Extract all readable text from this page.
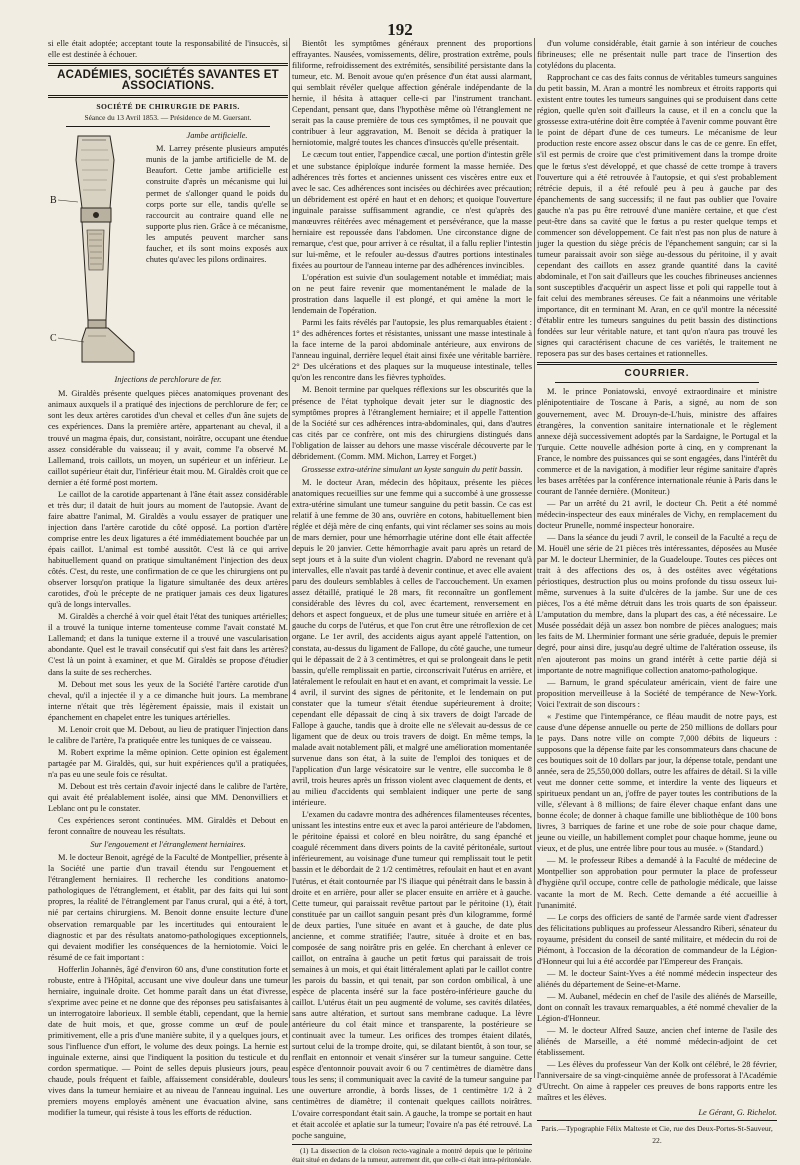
192

si elle était adoptée; acceptant toute la responsabilité de l'insuccès, si elle est destinée à échouer.

ACADÉMIES, SOCIÉTÉS SAVANTES ET ASSOCIATIONS.
SOCIÉTÉ DE CHIRURGIE DE PARIS.
Séance du 13 Avril 1853. — Présidence de M. Guersant.
B
C
Jambe artificielle.

M. Larrey présente plusieurs amputés munis de la jambe artificielle de M. de Beaufort. Cette jambe artificielle est construite d'après un mécanisme qui lui permet de s'allonger quand le poids du corps porte sur elle, tandis qu'elle se raccourcit au contraire quand elle ne supporte plus rien. Grâce à ce mécanisme, les amputés peuvent marcher sans faucher, et ils sont moins exposés aux chutes qu'avec les pilons ordinaires.

Injections de perchlorure de fer.

M. Giraldès présente quelques pièces anatomiques provenant des animaux auxquels il a pratiqué des injections de perchlorure de fer; ce sont les deux artères carotides d'un cheval et celles d'un âne sujets de ces expériences. Dans la première artère, appartenant au cheval, il a trouvé un magma épais, dur, consistant, noirâtre, occupant une étendue assez considérable du vaisseau; il y avait, comme l'a observé M. Lallemand, trois caillots, un moyen, un supérieur et un inférieur. Le caillot supérieur était dur, l'inférieur était mou. M. Giraldès croit que ce dernier a été formé post mortem.

Le caillot de la carotide appartenant à l'âne était assez considérable et très dur; il datait de huit jours au moment de l'autopsie. Avant de faire abattre l'animal, M. Giraldès a voulu essayer de pratiquer une injection dans l'artère carotide du côté opposé. La portion d'artère comprise entre les deux ligatures a été immédiatement bouchée par un épais caillot. L'animal est tombé aussitôt. C'est là ce qui arrive habituellement quand on pratique simultanément l'injection des deux côtés. C'est, du reste, une confirmation de ce que les chirurgiens ont pu observer lorsqu'on pratique la ligature simultanée des deux artères carotides, d'où le précepte de ne pratiquer jamais ces deux ligatures qu'à de longs intervalles.

M. Giraldès a cherché à voir quel était l'état des tuniques artérielles; il a trouvé la tunique interne tomenteuse comme l'avait constaté M. Lallemand; et dans la tunique externe il a trouvé une vascularisation abondante. Quel est le travail consécutif qui s'est fait dans les artères? C'est là un point à examiner, et que M. Giraldès se propose d'étudier dans la suite de ses recherches.

M. Debout met sous les yeux de la Société l'artère carotide d'un cheval, qu'il a injectée il y a ce dimanche huit jours. La membrane interne n'était que très légèrement épaissie, mais il existait un épanchement en chapelet entre les tuniques artérielles.

M. Lenoir croit que M. Debout, au lieu de pratiquer l'injection dans le calibre de l'artère, l'a pratiquée entre les tuniques de ce vaisseau.

M. Robert exprime la même opinion. Cette opinion est également partagée par M. Giraldès, qui, sur huit expériences qu'il a pratiquées, n'a pas eu une seule fois ce résultat.

M. Debout est très certain d'avoir injecté dans le calibre de l'artère, qui avait été préalablement isolée, ainsi que MM. Denonvilliers et Leblanc ont pu le constater.

Ces expériences seront continuées. MM. Giraldès et Debout en feront connaître de nouveau les résultats.

Sur l'engouement et l'étranglement herniaires.

M. le docteur Benoit, agrégé de la Faculté de Montpellier, présente à la Société une partie d'un travail étendu sur l'engouement et l'étranglement herniaires. Il recherche les conditions anatomo-pathologiques de l'étranglement, et établit, par des faits qui lui sont propres, la réalité de l'étranglement par l'anus crural, qui a été, à tort, nié par certains chirurgiens. M. Benoit donne ensuite lecture d'une observation remarquable par les incertitudes qui entouraient le diagnostic et par des résultats anatomo-pathologiques exceptionnels, qui devaient modifier les conséquences de la herniotomie. Voici le résumé de ce fait important :

Hofferlin Johannès, âgé d'environ 60 ans, d'une constitution forte et robuste, entre à l'Hôpital, accusant une vive douleur dans une tumeur herniaire, inguinale droite. Cet homme paraît dans un état d'ivresse, s'exprime avec peine et ne donne que des réponses peu satisfaisantes à un interrogatoire laborieux. Il semble établi, cependant, que la hernie date de huit mois, et que, grosse comme un œuf de poule primitivement, elle a pris d'une manière subite, il y a quelques jours, et sous l'influence d'un effort, le volume des deux poings. La hernie est inguinale externe, ainsi que l'indiquent la position du testicule et du cordon spermatique. — Point de selles depuis plusieurs jours, peau chaude, pouls fréquent et faible, affaissement considérable, douleurs vives dans la tumeur herniaire et au niveau de l'anneau inguinal. Les premiers moyens employés amènent une évacuation alvine, sans modifier la tumeur, qui résiste à tous les efforts de réduction.

Bientôt les symptômes généraux prennent des proportions effrayantes. Nausées, vomissements, délire, prostration extrême, pouls filiforme, refroidissement des extrémités, sensibilité persistante dans la tumeur, etc. M. Benoit avoue qu'en présence d'un état aussi alarmant, qui semblait révéler quelque affection générale indépendante de la hernie, il hésita à attaquer celle-ci par l'instrument tranchant. Cependant, pensant que, dans l'hypothèse même où l'étranglement ne serait pas la cause première de tous ces symptômes, il ne pouvait que contribuer à leur aggravation, M. Benoit se décida à pratiquer la herniotomie, malgré toutes les chances d'insuccès qu'elle présentait.

Le cæcum tout entier, l'appendice cæcal, une portion d'intestin grêle et une substance épiploïque indurée forment la masse herniée. Des adhérences très fortes et anciennes unissent ces viscères entre eux et avec le sac. Ces adhérences sont incisées ou déchirées avec précaution; un débridement est opéré en haut et en dehors; et quoique l'ouverture inguinale paraisse suffisamment agrandie, ce n'est qu'après des manœuvres réitérées avec ménagement et persévérance, que la masse herniaire est repoussée dans l'abdomen. Une circonstance digne de remarque, c'est que, pour arriver à ce résultat, il a fallu replier l'intestin sur lui-même, et le refouler au-dessus d'autres portions intestinales fixées au pourtour de l'anneau interne par des adhérences invincibles.

L'opération est suivie d'un soulagement notable et immédiat; mais on ne peut faire revenir que momentanément le malade de la prostration dans laquelle il est plongé, et qui amène la mort le lendemain de l'opération.

Parmi les faits révélés par l'autopsie, les plus remarquables étaient : 1° des adhérences fortes et résistantes, unissant une masse intestinale à la face interne de la paroi abdominale antérieure, aux environs de l'anneau inguinal, derrière lequel était ainsi fixée une véritable barrière. 2° Des ulcérations et des plaques sur la muqueuse intestinale, telles qu'on les rencontre dans les fièvres typhoïdes.

M. Benoit termine par quelques réflexions sur les obscurités que la présence de l'état typhoïque devait jeter sur le diagnostic des symptômes propres à l'étranglement herniaire; et il appelle l'attention de la Société sur ces adhérences intra-abdominales, qui, dans d'autres cas cités par ce confrère, ont mis des chirurgiens distingués dans l'obligation de laisser au dehors une masse viscérale découverte par le débridement. (Comm. MM. Michon, Larrey et Forget.)

Grossesse extra-utérine simulant un kyste sanguin du petit bassin.

M. le docteur Aran, médecin des hôpitaux, présente les pièces anatomiques recueillies sur une femme qui a succombé à une grossesse extra-utérine simulant une tumeur sanguine du petit bassin. Ce cas est relatif à une femme de 30 ans, ouvrière en cotons, habituellement bien réglée et déjà mère de cinq enfants, qui vint réclamer ses soins au mois de mars dernier, pour une hémorrhagie utérine dont elle était affectée depuis le 20 janvier. Cette hémorrhagie avait paru après un retard de sept jours et à la suite d'un violent chagrin. D'abord ne revenant qu'à intervalles, elle n'avait pas tardé à devenir continue, et avec elle avaient paru des douleurs semblables à celles de l'accouchement. Un examen assez détaillé, pratiqué le 28 mars, fit reconnaître un gonflement considérable des lèvres du col, avec écartement, renversement en dehors et aspect fongueux, et de plus une tumeur située en arrière et à gauche du corps de l'utérus, et que l'on crut être une rétroflexion de cet organe. Le 1er avril, des accidents aigus ayant appelé l'attention, on constata, au-dessus du ligament de Fallope, du côté gauche, une tumeur qui le dépassait de 2 à 3 centimètres, et qui se prolongeait dans le petit bassin, qu'elle remplissait en partie, circonscrivait l'utérus en arrière, et latéralement le refoulait en haut et en avant, et comprimait la vessie. Le 4 avril, il survint des signes de péritonite, et le lendemain on put constater que la tumeur s'était étendue supérieurement à droite; cependant elle dépassait de cinq à six travers de doigt l'arcade de Fallope à gauche, tandis que à droite elle ne s'élevait au-dessus de ce ligament que de deux ou trois travers de doigt. En même temps, la malade avait notablement pâli, et malgré une amélioration momentanée survenue dans son état, à la suite de l'emploi des toniques et de l'application d'un large vésicatoire sur le ventre, elle succomba le 8 avril, trois heures après un frisson violent avec claquement de dents, et au milieu d'accidents qui semblaient indiquer une perte de sang intérieure.

L'examen du cadavre montra des adhérences filamenteuses récentes, unissant les intestins entre eux et avec la paroi antérieure de l'abdomen, le péritoine épaissi et coloré en bleu noirâtre, du sang épanché et coagulé récemment dans divers points de la cavité péritonéale, surtout inférieurement, au voisinage d'une tumeur qui remplissait tout le petit bassin et le débordait de 2 1/2 centimètres, refoulait en haut et en avant l'utérus, et était contournée par l'S iliaque qui pénétrait dans le bassin à droite et en arrière, pour aller se placer ensuite en arrière et à gauche. Cette tumeur, qui paraissait revêtue partout par le péritoine (1), était constituée par un caillot sanguin pesant près d'un kilogramme, formé de deux parties, l'une située en avant et à gauche, de date plus ancienne, et comme stratifiée; l'autre, située à droite et en bas, composée de sang noirâtre pris en gelée. En cherchant à enlever ce caillot, on entraîna à gauche un petit fœtus qui paraissait de trois semaines à un mois, et qui était littéralement aplati par le caillot contre les parois du bassin, et qui tenait, par son cordon ombilical, à une espèce de placenta inséré sur la face postéro-inférieure gauche du caillot. L'utérus était un peu augmenté de volume, ses cavités dilatées, sans autre altération, et surtout sans membrane caduque. La lèvre antérieure du col était mince et transparente, la postérieure se continuait avec la tumeur. Les orifices des trompes étaient dilatés, surtout celui de la trompe droite, qui, se dilatant bientôt, à son tour, se renflait en entonnoir et venait s'insérer sur la tumeur sanguine. Cette espèce d'entonnoir pouvait avoir 6 ou 7 centimètres de diamètre dans tous les sens; il communiquait avec la cavité de la tumeur sanguine par une ouverture arrondie, à bords lisses, de 1 centimètre 1/2 à 2 centimètres de diamètre; il contenait quelques caillots noirâtres. L'ovaire correspondant était sain. A gauche, la trompe se portait en haut et était accolée et aplatie sur la tumeur; l'ovaire n'a pas été retrouvé. La poche sanguine,

(1) La dissection de la cloison recto-vaginale a montré depuis que le péritoine était situé en dedans de la tumeur, autrement dit, que celle-ci était intra-péritonéale.

d'un volume considérable, était garnie à son intérieur de couches fibrineuses; elle ne présentait nulle part trace de l'insertion des cotylédons du placenta.

Rapprochant ce cas des faits connus de véritables tumeurs sanguines du petit bassin, M. Aran a montré les nombreux et étroits rapports qui existent entre toutes les tumeurs sanguines qui se produisent dans cette région, quelle qu'en soit d'ailleurs la cause, et il en a conclu que la grossesse extra-utérine doit être comptée à l'avenir comme pouvant être le point de départ d'une de ces tumeurs. Le mécanisme de leur production reste encore assez obscur dans le cas de ce genre. En effet, s'il est permis de croire que c'est primitivement dans la trompe droite que le fœtus s'est développé, et que chassé de cette trompe à travers l'ouverture qui a été retrouvée à l'autopsie, et qui s'est probablement rétrécie depuis, il a été refoulé peu à peu à gauche par des épanchements de sang successifs; il ne faut pas oublier que l'ovaire gauche n'a pas pu être retrouvé d'une manière certaine, et que c'est peut-être dans sa cavité que le fœtus a pu rester quelque temps et commencer son développement. Ce fait n'est pas non plus de nature à juger la question du siège précis de l'épanchement sanguin; car si la tumeur paraissait avoir son siège au-dessous du péritoine, il y avait cependant des caillots en assez grande quantité dans la cavité abdominale, et l'on sait d'ailleurs que les couches fibrineuses anciennes sont susceptibles d'acquérir un aspect lisse et poli qui rappelle tout à fait celui des membranes séreuses. Ce fait a néanmoins une véritable importance, dit en terminant M. Aran, en ce qu'il montre la nécessité d'établir entre les tumeurs sanguines du petit bassin des distinctions fondées sur leur véritable nature, et tant qu'on n'aura pas trouvé les signes qui caractérisent chacune de ces variétés, le traitement ne reposera pas sur des bases certaines et rationnelles.

COURRIER.

M. le prince Poniatowski, envoyé extraordinaire et ministre plénipotentiaire de Toscane à Paris, a signé, au nom de son gouvernement, avec M. Drouyn-de-L'huis, ministre des affaires étrangères, la convention sanitaire internationale et le règlement annexe déjà successivement adoptés par la Sardaigne, le Portugal et la Turquie. Cette nouvelle adhésion porte à cinq, en y comprenant la France, le nombre des puissances qui se sont engagées, dans l'intérêt du commerce et de la navigation, à modifier leur régime sanitaire d'après les bases arrêtées par la conférence internationale réunie à Paris dans le courant de l'année dernière. (Moniteur.)

— Par un arrêté du 21 avril, le docteur Ch. Petit a été nommé médecin-inspecteur des eaux minérales de Vichy, en remplacement du docteur Prunelle, nommé inspecteur honoraire.

— Dans la séance du jeudi 7 avril, le conseil de la Faculté a reçu de M. Houël une série de 21 pièces très intéressantes, déposées au Musée par M. le docteur Lherminier, de la Guadeloupe. Toutes ces pièces ont trait à des affections des os, à des ostéites avec végétations périostiques, destruction plus ou moins profonde du tissu osseux lui-même, survenues à la suite d'ulcères de la jambe. Sur une de ces pièces, l'os a été même détruit dans les trois quarts de son épaisseur. L'amputation du membre, dans la plupart des cas, a été nécessaire. Le Musée possédait déjà un assez bon nombre de pièces analogues; mais les faits de M. Lherminier formant une série graduée, depuis le premier degré, pour ainsi dire, jusqu'au degré ultime de l'altération osseuse, ils n'en ajouteront pas moins un grand intérêt à cette partie déjà si importante de notre magnifique collection anatomo-pathologique.

— Barnum, le grand spéculateur américain, vient de faire une proposition merveilleuse à la Société de tempérance de New-York. Voici l'extrait de son discours :

« J'estime que l'intempérance, ce fléau maudit de notre pays, est cause d'une dépense annuelle ou perte de 250 millions de dollars pour le pays. Dans notre ville on compte 7,000 débits de liqueurs : supposons que la dépense faite par les consommateurs dans chacune de ces boutiques soit de 10 dollars par jour, la dépense totale, pendant une année, sera de 25,550,000 dollars, outre les affaires de détail. Si la ville veut me donner cette somme, et interdire la vente des liqueurs et spiritueux pendant un an, j'offre de payer toutes les contributions de la ville, s'élevant à 8 millions; de faire élever chaque enfant dans une bonne école; de donner à chaque famille une bibliothèque de 100 bons livres, 3 barriques de farine et une robe de soie pour chaque dame, jeune ou vieille, un habillement complet pour chaque homme, jeune ou vieux, et de plus, une entrée libre pour tous au musée. » (Standard.)

— M. le professeur Ribes a demandé à la Faculté de médecine de Montpellier son approbation pour permuter la place de professeur d'hygiène qu'il occupe, contre celle de pathologie médicale, que laisse vacante la mort de M. Rech. Cette demande a été accueillie à l'unanimité.

— Le corps des officiers de santé de l'armée sarde vient d'adresser des félicitations publiques au professeur Alessandro Riberi, sénateur du royaume, président du conseil de santé militaire, et médecin du roi de Piémont, à l'occasion de la décoration de commandeur de la Légion-d'Honneur qui lui a été accordée par l'Empereur des Français.

— M. le docteur Saint-Yves a été nommé médecin inspecteur des aliénés du département de Seine-et-Marne.

— M. Aubanel, médecin en chef de l'asile des aliénés de Marseille, dont on connaît les travaux remarquables, a été nommé chevalier de la Légion-d'Honneur.

— M. le docteur Alfred Sauze, ancien chef interne de l'asile des aliénés de Marseille, a été nommé médecin-adjoint de cet établissement.

— Les élèves du professeur Van der Kolk ont célébré, le 28 février, l'anniversaire de sa vingt-cinquième année de professorat à l'Académie d'Utrecht. On aime à rappeler ces preuves de bons rapports entre les maîtres et les élèves.

Le Gérant, G. Richelot.
Paris.—Typographie Félix Malteste et Cie, rue des Deux-Portes-St-Sauveur, 22.
